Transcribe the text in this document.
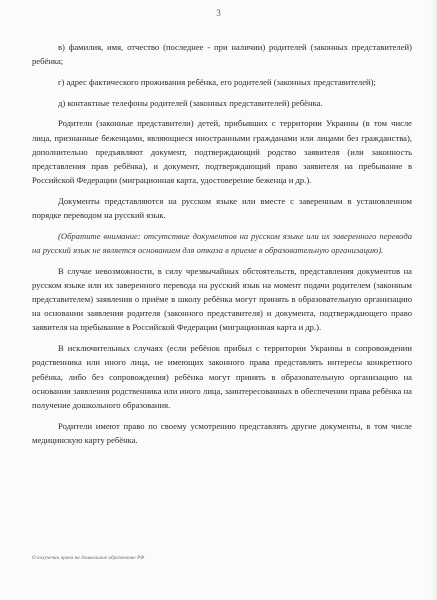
3

в) фамилия, имя, отчество (последнее - при наличии) родителей (законных представителей) ребёнка;

г) адрес фактического проживания ребёнка, его родителей (законных представителей);

д) контактные телефоны родителей (законных представителей) ребёнка.

Родители (законные представители) детей, прибывших с территории Украины (в том числе лица, признанные беженцами, являющиеся иностранными гражданами или лицами без гражданства), дополнительно предъявляют документ, подтверждающий родство заявителя (или законность представления прав ребёнка), и документ, подтверждающий право заявителя на пребывание в Российской Федерации (миграционная карта, удостоверение беженца и др.).

Документы представляются на русском языке или вместе с заверенным в установленном порядке переводом на русский язык.

(Обратите внимание: отсутствие документов на русском языке или их заверенного перевода на русский язык не является основанием для отказа в приеме в образовательную организацию).

В случае невозможности, в силу чрезвычайных обстоятельств, представления документов на русском языке или их заверенного перевода на русский язык на момент подачи родителем (законным представителем) заявления о приёме в школу ребёнка могут принять в образовательную организацию на основании заявления родителя (законного представителя) и документа, подтверждающего право заявителя на пребывание в Российской Федерации (миграционная карта и др.).

В исключительных случаях (если ребёнок прибыл с территории Украины в сопровождении родственника или иного лица, не имеющих законного права представлять интересы конкретного ребёнка, либо без сопровождения) ребёнка могут принять в образовательную организацию на основании заявления родственника или иного лица, заинтересованных в обеспечении права ребёнка на получение дошкольного образования.

Родители имеют право по своему усмотрению представлять другие документы, в том числе медицинскую карту ребёнка.

О получении права на дошкольное образование РФ
